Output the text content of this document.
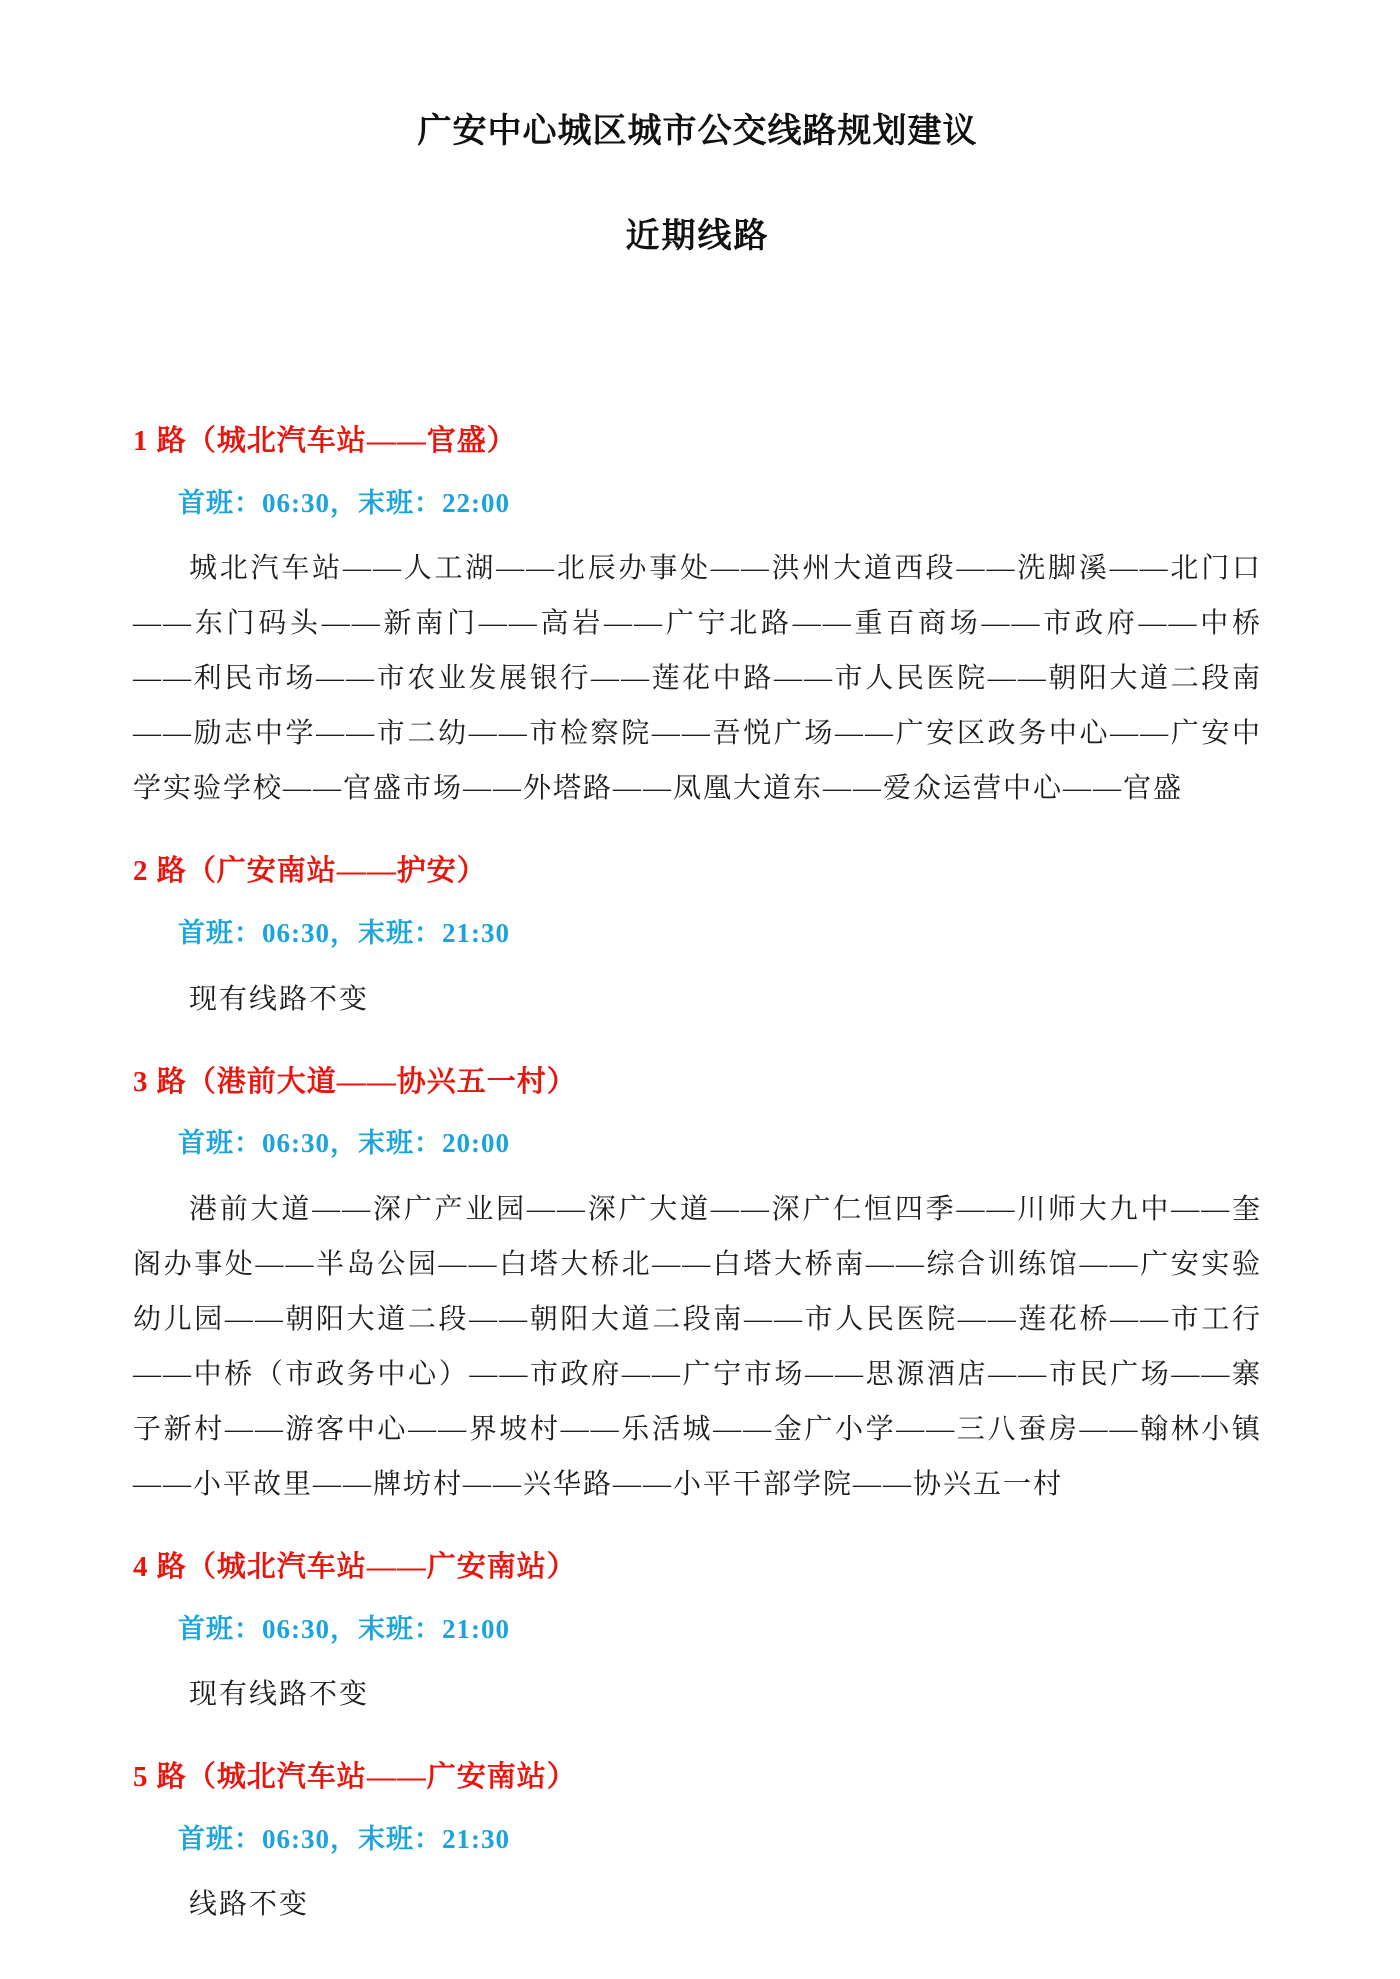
广安中心城区城市公交线路规划建议
近期线路
1 路（城北汽车站——官盛）

首班：06:30，末班：22:00

城北汽车站——人工湖——北辰办事处——洪州大道西段——洗脚溪——北门口——东门码头——新南门——高岩——广宁北路——重百商场——市政府——中桥——利民市场——市农业发展银行——莲花中路——市人民医院——朝阳大道二段南——励志中学——市二幼——市检察院——吾悦广场——广安区政务中心——广安中学实验学校——官盛市场——外塔路——凤凰大道东——爱众运营中心——官盛

2 路（广安南站——护安）

首班：06:30，末班：21:30

现有线路不变

3 路（港前大道——协兴五一村）

首班：06:30，末班：20:00

港前大道——深广产业园——深广大道——深广仁恒四季——川师大九中——奎阁办事处——半岛公园——白塔大桥北——白塔大桥南——综合训练馆——广安实验幼儿园——朝阳大道二段——朝阳大道二段南——市人民医院——莲花桥——市工行——中桥（市政务中心）——市政府——广宁市场——思源酒店——市民广场——寨子新村——游客中心——界坡村——乐活城——金广小学——三八蚕房——翰林小镇——小平故里——牌坊村——兴华路——小平干部学院——协兴五一村

4 路（城北汽车站——广安南站）

首班：06:30，末班：21:00

现有线路不变

5 路（城北汽车站——广安南站）

首班：06:30，末班：21:30

线路不变
